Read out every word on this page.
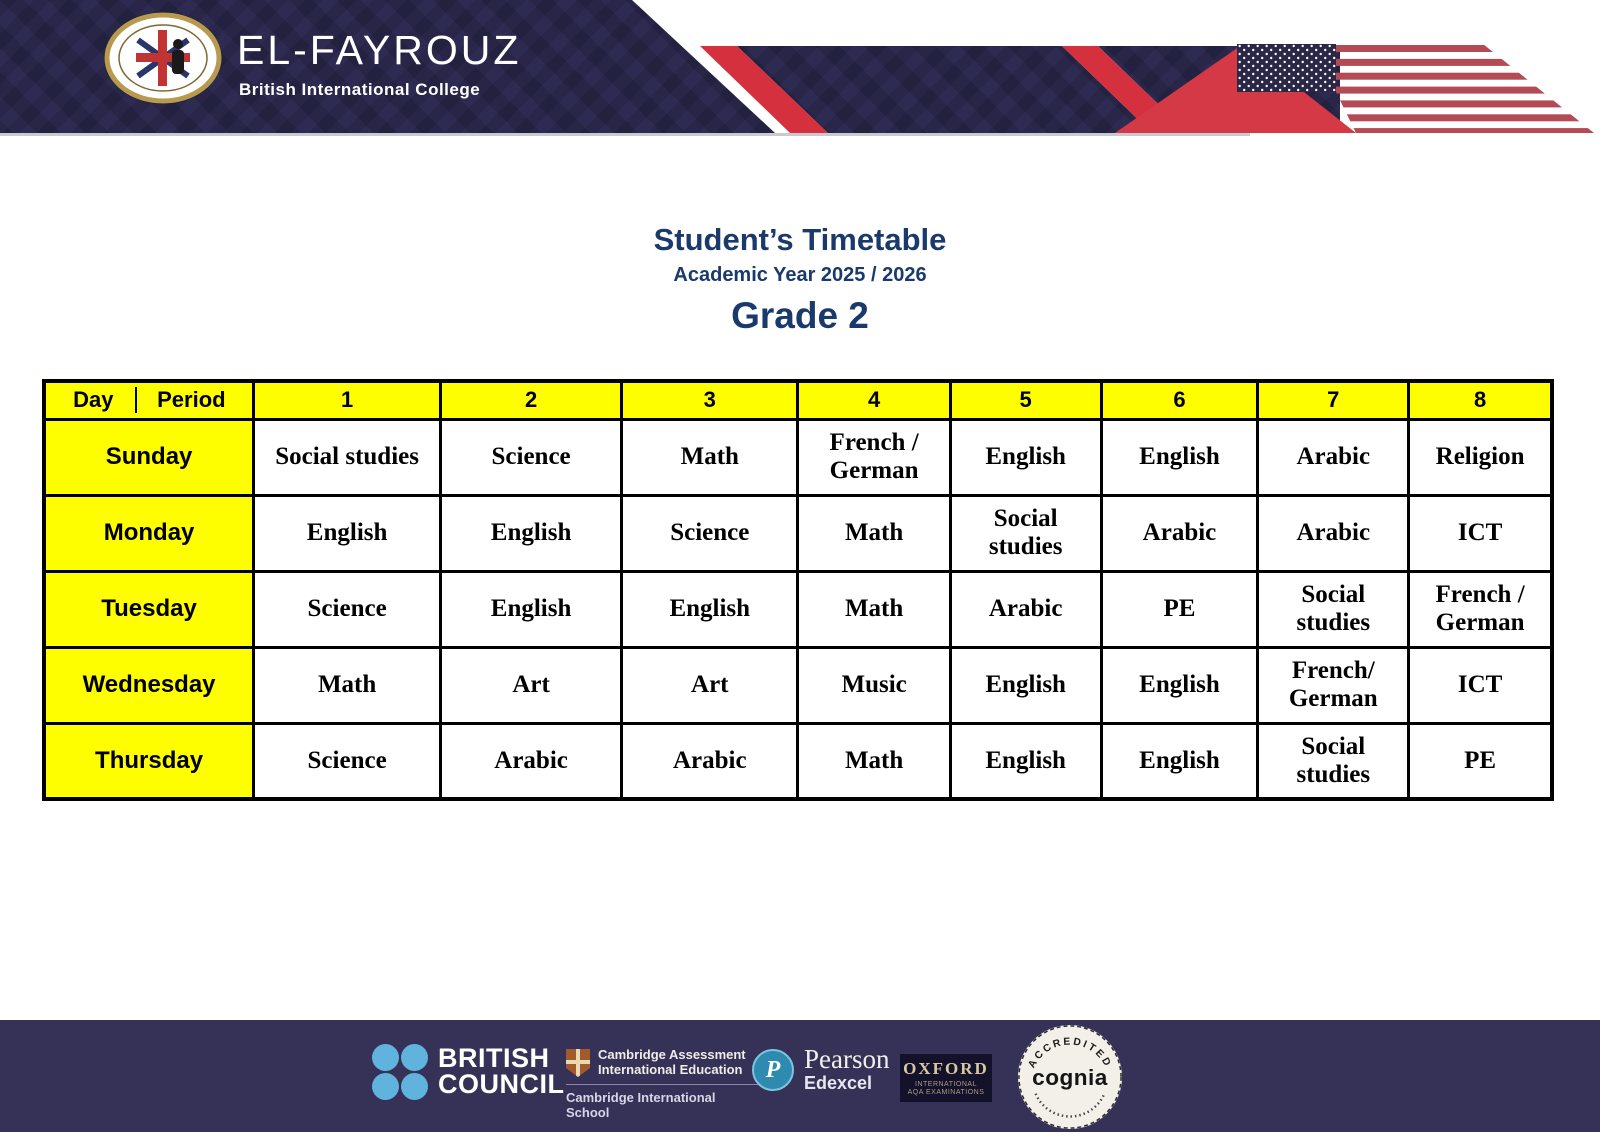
EL-FAYROUZ
British International College
Student’s Timetable
Academic Year 2025 / 2026
Grade 2
Day Period	1	2	3	4	5	6	7	8
Sunday	Social studies	Science	Math	French / German	English	English	Arabic	Religion
Monday	English	English	Science	Math	Social studies	Arabic	Arabic	ICT
Tuesday	Science	English	English	Math	Arabic	PE	Social studies	French / German
Wednesday	Math	Art	Art	Music	English	English	French/ German	ICT
Thursday	Science	Arabic	Arabic	Math	English	English	Social studies	PE
BRITISH
COUNCIL
Cambridge Assessment
International Education
Cambridge International School
P Pearson
Edexcel
OXFORD
INTERNATIONAL
AQA EXAMINATIONS
ACCREDITED
cognia
